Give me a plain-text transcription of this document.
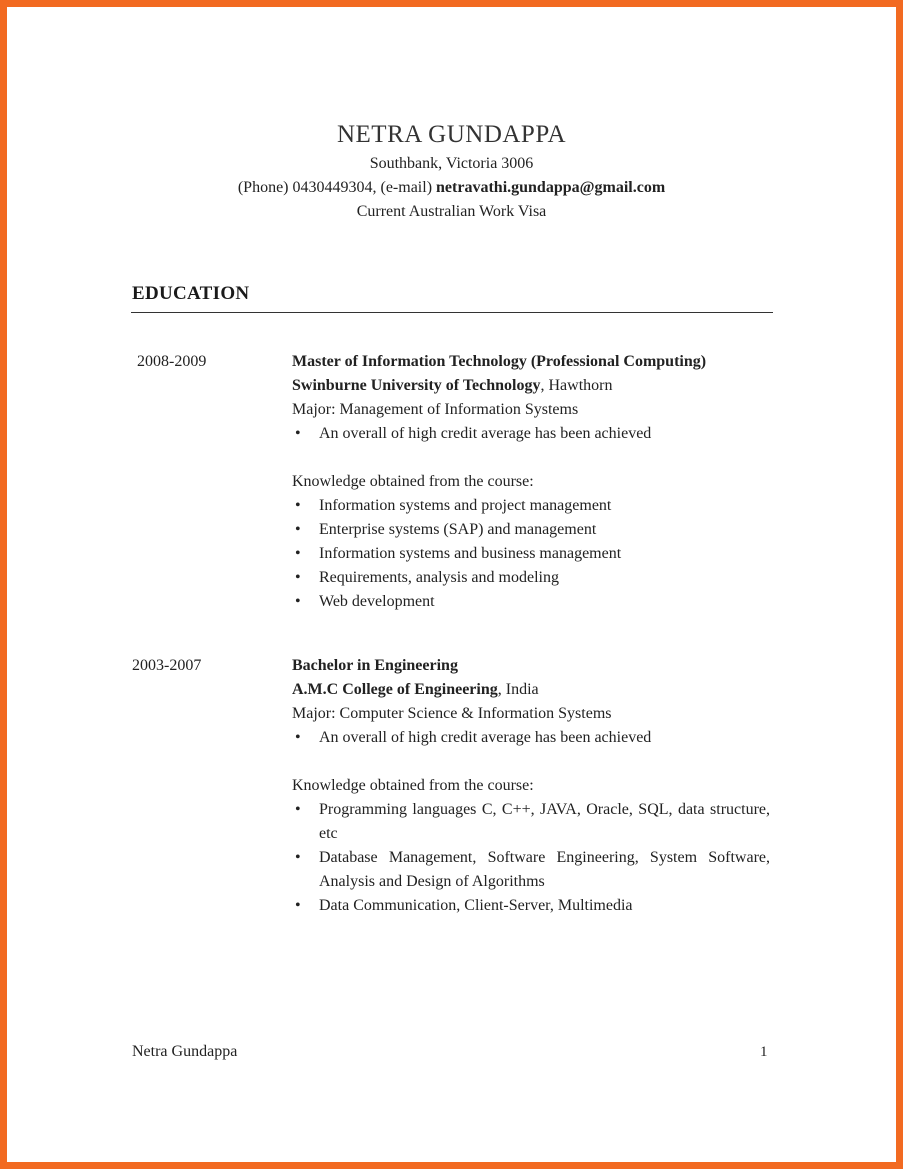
NETRA GUNDAPPA
Southbank, Victoria 3006
(Phone) 0430449304, (e-mail) netravathi.gundappa@gmail.com
Current Australian Work Visa
EDUCATION
2008-2009	Master of Information Technology (Professional Computing)
Swinburne University of Technology, Hawthorn
Major: Management of Information Systems
• An overall of high credit average has been achieved
Knowledge obtained from the course:
• Information systems and project management
• Enterprise systems (SAP) and management
• Information systems and business management
• Requirements, analysis and modeling
• Web development
2003-2007	Bachelor in Engineering
A.M.C College of Engineering, India
Major: Computer Science & Information Systems
• An overall of high credit average has been achieved
Knowledge obtained from the course:
• Programming languages C, C++, JAVA, Oracle, SQL, data structure, etc
• Database Management, Software Engineering, System Software, Analysis and Design of Algorithms
• Data Communication, Client-Server, Multimedia
Netra Gundappa	1
